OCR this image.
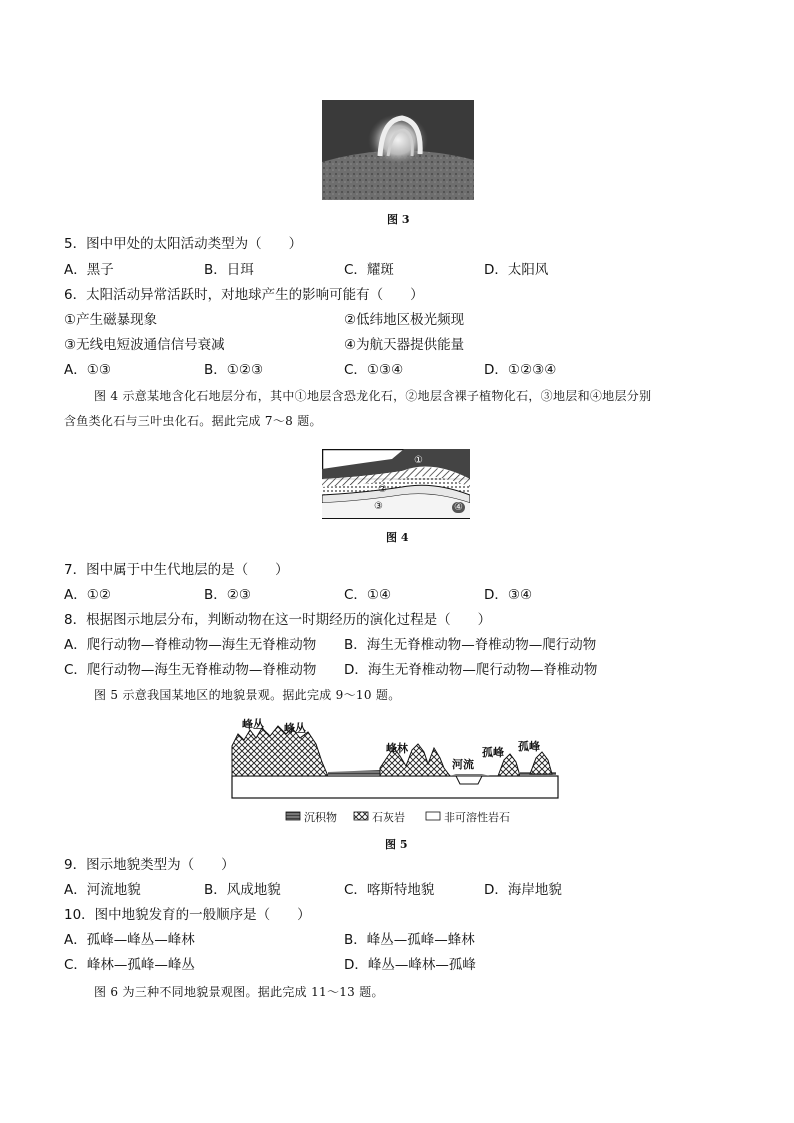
图 3
5．图中甲处的太阳活动类型为（　　）
A．黑子	B．日珥	C．耀斑	D．太阳风
6．太阳活动异常活跃时，对地球产生的影响可能有（　　）
①产生磁暴现象	②低纬地区极光频现
③无线电短波通信信号衰减	④为航天器提供能量
A．①③	B．①②③	C．①③④	D．①②③④
图 4 示意某地含化石地层分布，其中①地层含恐龙化石，②地层含裸子植物化石，③地层和④地层分别
含鱼类化石与三叶虫化石。据此完成 7～8 题。
①
②
③	④
图 4
7．图中属于中生代地层的是（　　）
A．①②	B．②③	C．①④	D．③④
8．根据图示地层分布，判断动物在这一时期经历的演化过程是（　　）
A．爬行动物—脊椎动物—海生无脊椎动物 B．海生无脊椎动物—脊椎动物—爬行动物
C．爬行动物—海生无脊椎动物—脊椎动物 D．海生无脊椎动物—爬行动物—脊椎动物
图 5 示意我国某地区的地貌景观。据此完成 9～10 题。
峰丛 峰丛
峰林
河流
孤峰 孤峰
沉积物	石灰岩	非可溶性岩石
图 5
9．图示地貌类型为（　　）
A．河流地貌	B．风成地貌	C．喀斯特地貌	D．海岸地貌
10．图中地貌发育的一般顺序是（　　）
A．孤峰—峰丛—峰林	B．峰丛—孤峰—蜂林
C．峰林—孤峰—峰丛	D．峰丛—峰林—孤峰
图 6 为三种不同地貌景观图。据此完成 11～13 题。
